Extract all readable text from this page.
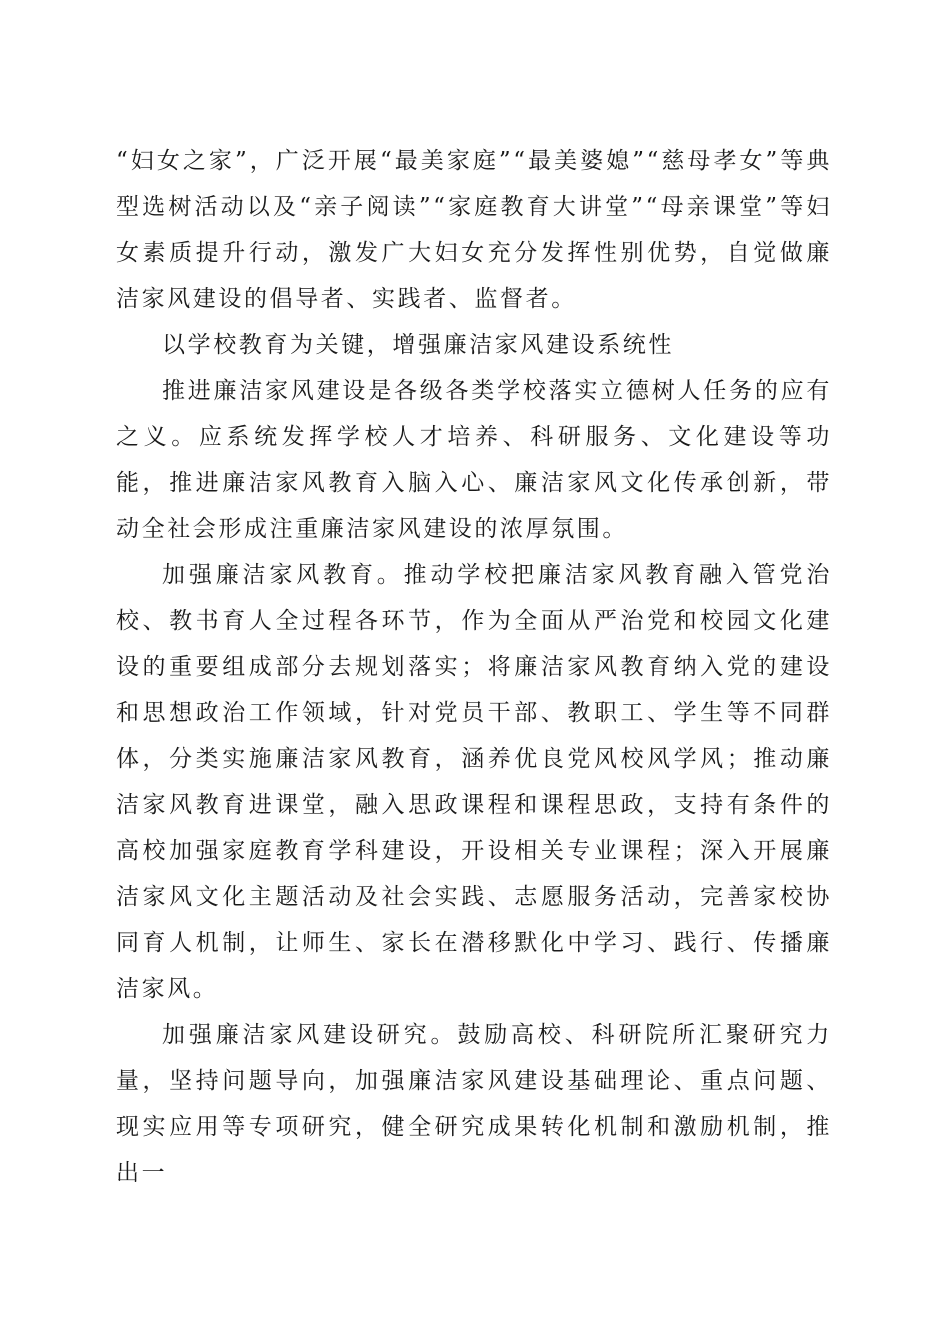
“妇女之家”，广泛开展“最美家庭”“最美婆媳”“慈母孝女”等典型选树活动以及“亲子阅读”“家庭教育大讲堂”“母亲课堂”等妇女素质提升行动，激发广大妇女充分发挥性别优势，自觉做廉洁家风建设的倡导者、实践者、监督者。

以学校教育为关键，增强廉洁家风建设系统性

推进廉洁家风建设是各级各类学校落实立德树人任务的应有之义。应系统发挥学校人才培养、科研服务、文化建设等功能，推进廉洁家风教育入脑入心、廉洁家风文化传承创新，带动全社会形成注重廉洁家风建设的浓厚氛围。

加强廉洁家风教育。推动学校把廉洁家风教育融入管党治校、教书育人全过程各环节，作为全面从严治党和校园文化建设的重要组成部分去规划落实；将廉洁家风教育纳入党的建设和思想政治工作领域，针对党员干部、教职工、学生等不同群体，分类实施廉洁家风教育，涵养优良党风校风学风；推动廉洁家风教育进课堂，融入思政课程和课程思政，支持有条件的高校加强家庭教育学科建设，开设相关专业课程；深入开展廉洁家风文化主题活动及社会实践、志愿服务活动，完善家校协同育人机制，让师生、家长在潜移默化中学习、践行、传播廉洁家风。

加强廉洁家风建设研究。鼓励高校、科研院所汇聚研究力量，坚持问题导向，加强廉洁家风建设基础理论、重点问题、现实应用等专项研究，健全研究成果转化机制和激励机制，推出一
